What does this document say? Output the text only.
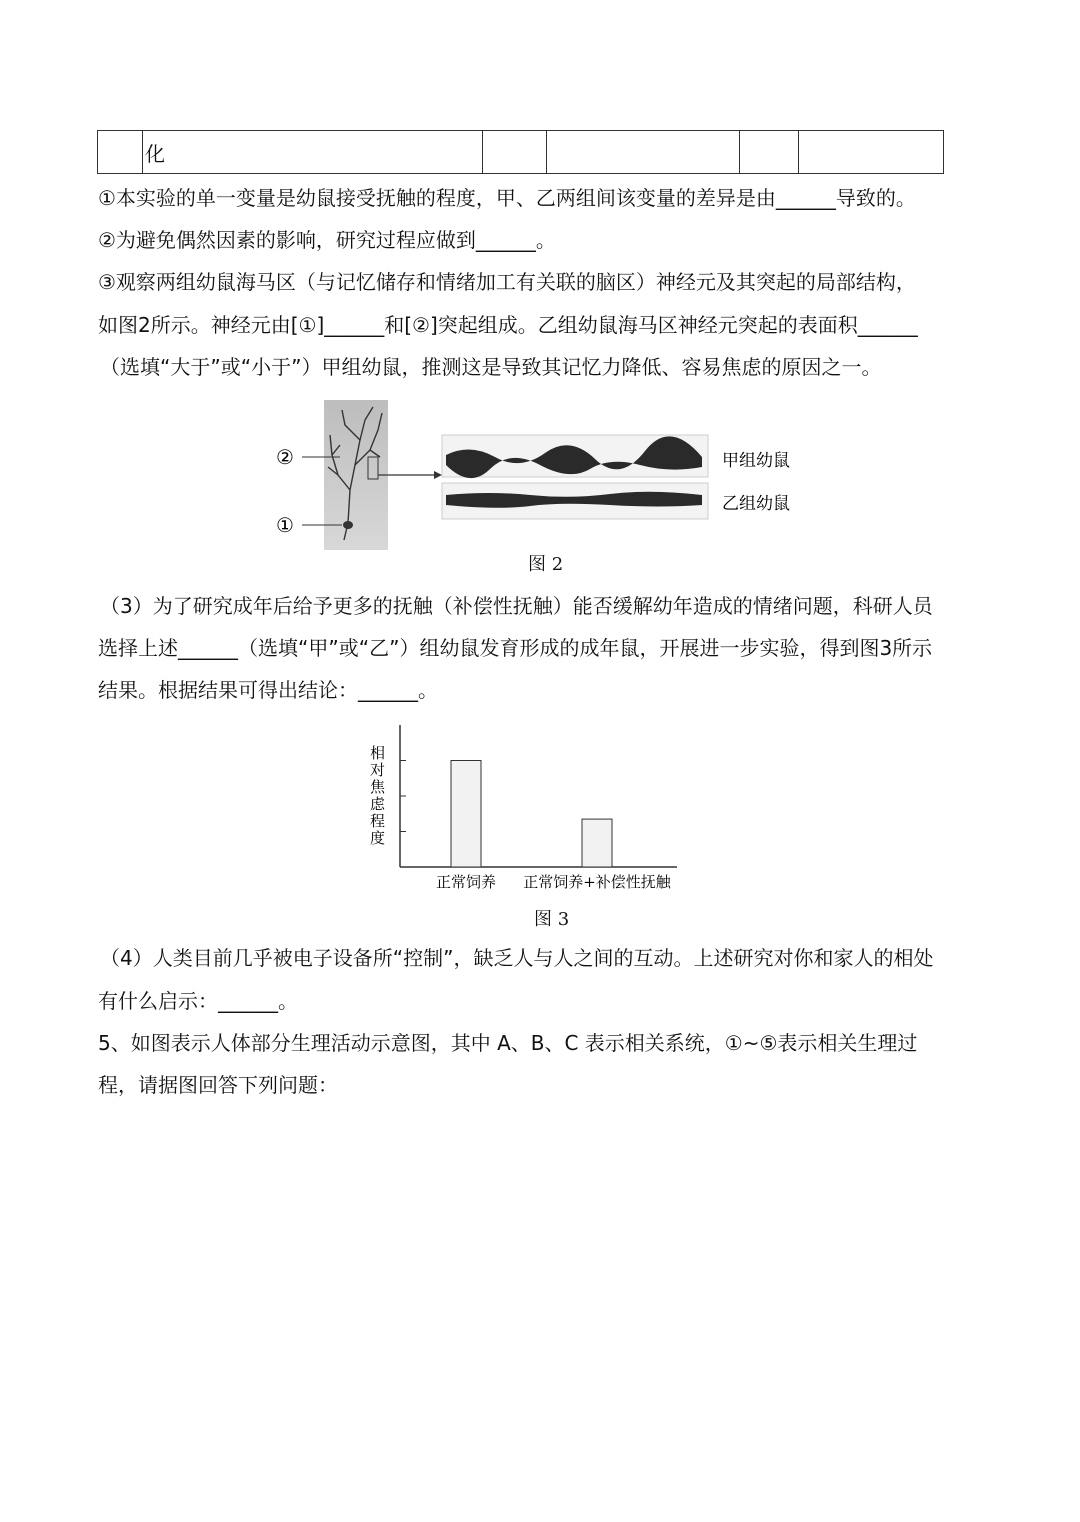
	化				
①本实验的单一变量是幼鼠接受抚触的程度，甲、乙两组间该变量的差异是由______导致的。
②为避免偶然因素的影响，研究过程应做到______。
③观察两组幼鼠海马区（与记忆储存和情绪加工有关联的脑区）神经元及其突起的局部结构，
如图2所示。神经元由[①]______和[②]突起组成。乙组幼鼠海马区神经元突起的表面积______
（选填“大于”或“小于”）甲组幼鼠，推测这是导致其记忆力降低、容易焦虑的原因之一。
②
①
甲组幼鼠
乙组幼鼠
图 2
（3）为了研究成年后给予更多的抚触（补偿性抚触）能否缓解幼年造成的情绪问题，科研人员
选择上述______（选填“甲”或“乙”）组幼鼠发育形成的成年鼠，开展进一步实验，得到图3所示
结果。根据结果可得出结论：______。
相对焦虑程度
正常饲养 正常饲养+补偿性抚触
图 3
（4）人类目前几乎被电子设备所“控制”，缺乏人与人之间的互动。上述研究对你和家人的相处
有什么启示：______。
5、如图表示人体部分生理活动示意图，其中 A、B、C 表示相关系统，①~⑤表示相关生理过
程，请据图回答下列问题：
